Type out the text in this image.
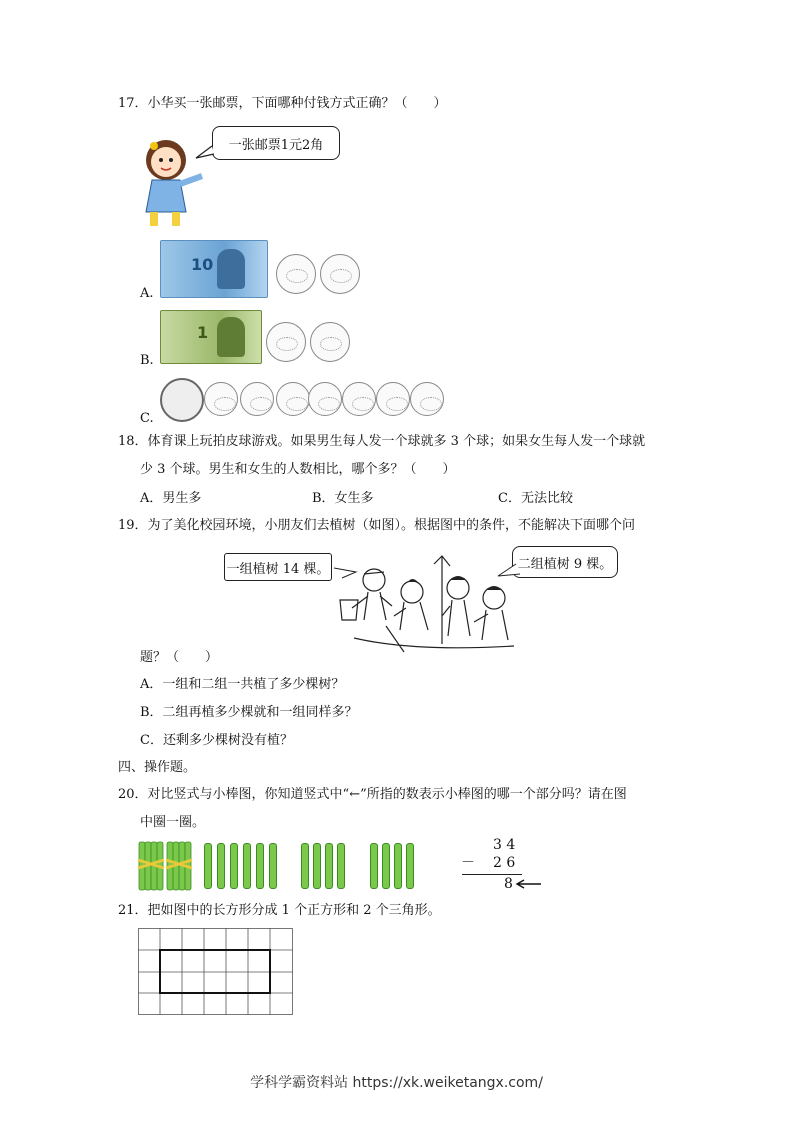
17．小华买一张邮票，下面哪种付钱方式正确？（　　）
一张邮票1元2角
A.
10
B.
1
C.
18．体育课上玩拍皮球游戏。如果男生每人发一个球就多 3 个球；如果女生每人发一个球就
少 3 个球。男生和女生的人数相比，哪个多？（　　）
A．男生多	B．女生多	C．无法比较
19．为了美化校园环境，小朋友们去植树（如图）。根据图中的条件，不能解决下面哪个问
一组植树 14 棵。	二组植树 9 棵。
题？（　　）
A．一组和二组一共植了多少棵树？
B．二组再植多少棵就和一组同样多？
C．还剩多少棵树没有植？
四、操作题。
20．对比竖式与小棒图，你知道竖式中“←”所指的数表示小棒图的哪一个部分吗？请在图
中圈一圈。
3 4
－ 2 6
8
21．把如图中的长方形分成 1 个正方形和 2 个三角形。
学科学霸资料站 https://xk.weiketangx.com/
